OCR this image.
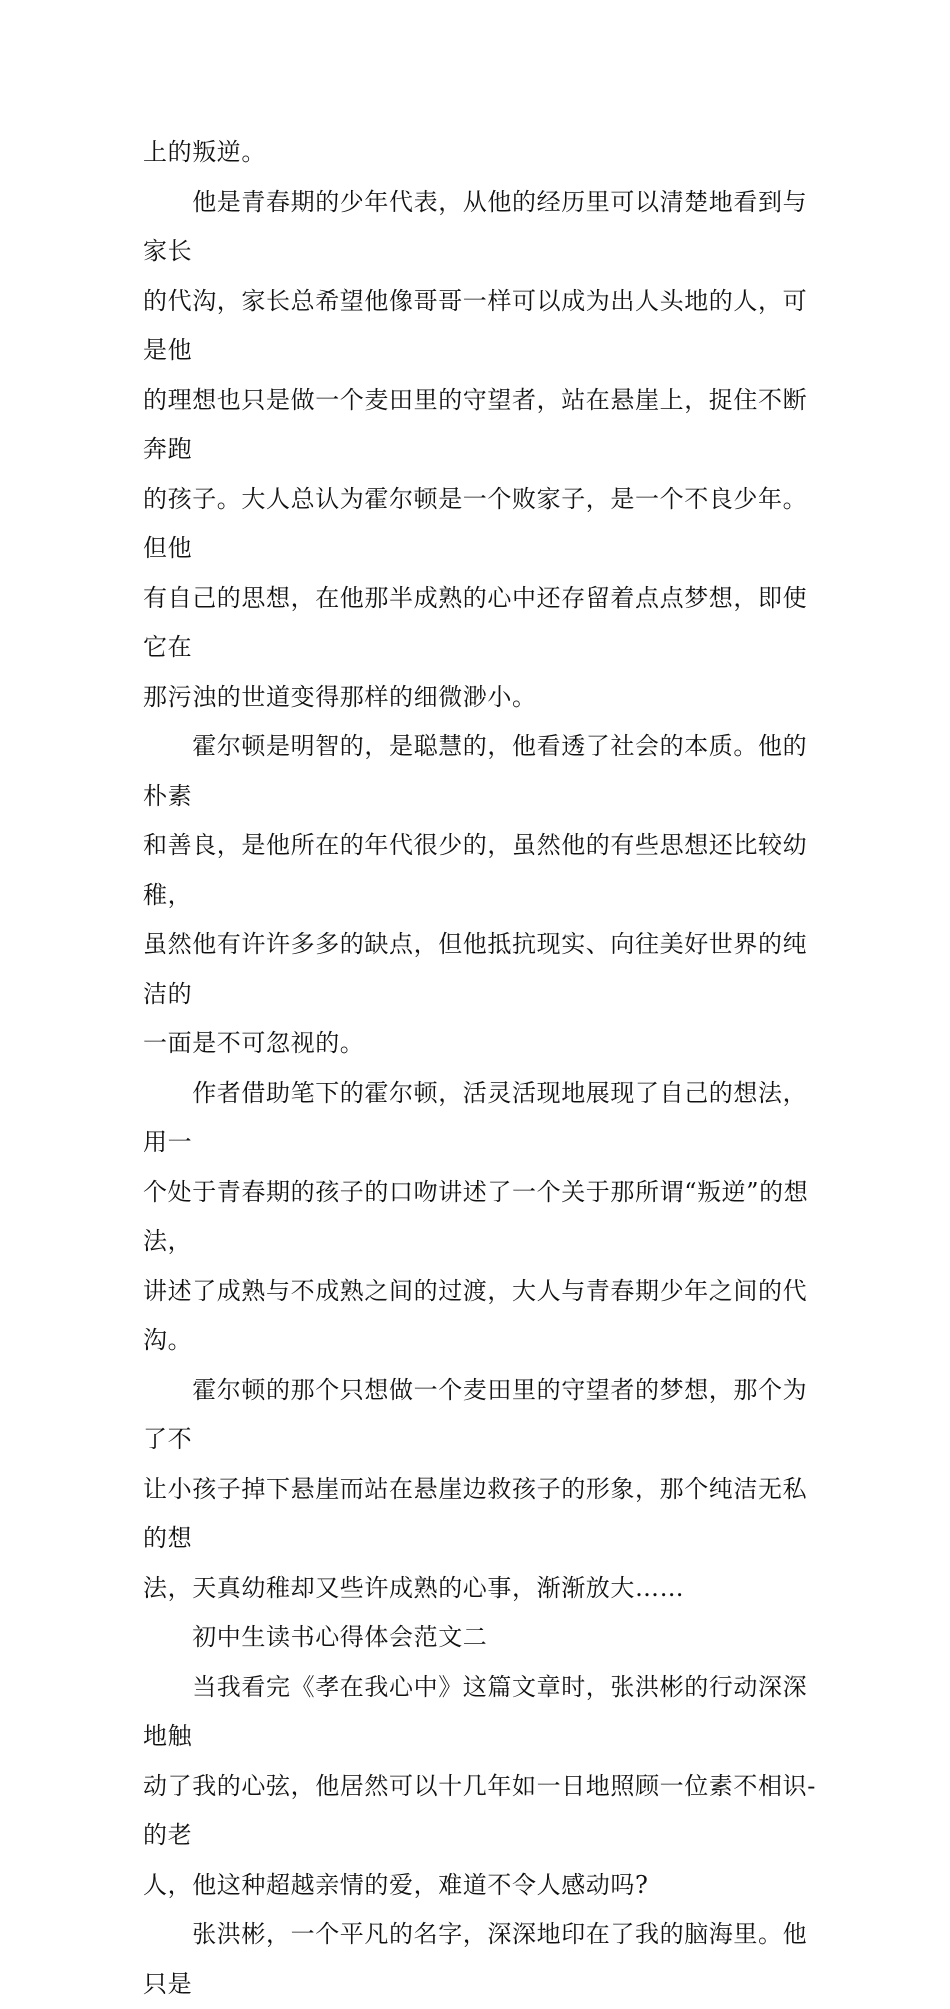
上的叛逆。

　　他是青春期的少年代表，从他的经历里可以清楚地看到与家长
的代沟，家长总希望他像哥哥一样可以成为出人头地的人，可是他
的理想也只是做一个麦田里的守望者，站在悬崖上，捉住不断奔跑
的孩子。大人总认为霍尔顿是一个败家子，是一个不良少年。但他
有自己的思想，在他那半成熟的心中还存留着点点梦想，即使它在
那污浊的世道变得那样的细微渺小。

　　霍尔顿是明智的，是聪慧的，他看透了社会的本质。他的朴素
和善良，是他所在的年代很少的，虽然他的有些思想还比较幼稚，
虽然他有许许多多的缺点，但他抵抗现实、向往美好世界的纯洁的
一面是不可忽视的。

　　作者借助笔下的霍尔顿，活灵活现地展现了自己的想法，用一
个处于青春期的孩子的口吻讲述了一个关于那所谓“叛逆”的想法，
讲述了成熟与不成熟之间的过渡，大人与青春期少年之间的代沟。

　　霍尔顿的那个只想做一个麦田里的守望者的梦想，那个为了不
让小孩子掉下悬崖而站在悬崖边救孩子的形象，那个纯洁无私的想
法，天真幼稚却又些许成熟的心事，渐渐放大……

　　初中生读书心得体会范文二

　　当我看完《孝在我心中》这篇文章时，张洪彬的行动深深地触
动了我的心弦，他居然可以十几年如一日地照顾一位素不相识-的老
人，他这种超越亲情的爱，难道不令人感动吗?

　　张洪彬，一个平凡的名字，深深地印在了我的脑海里。他只是
